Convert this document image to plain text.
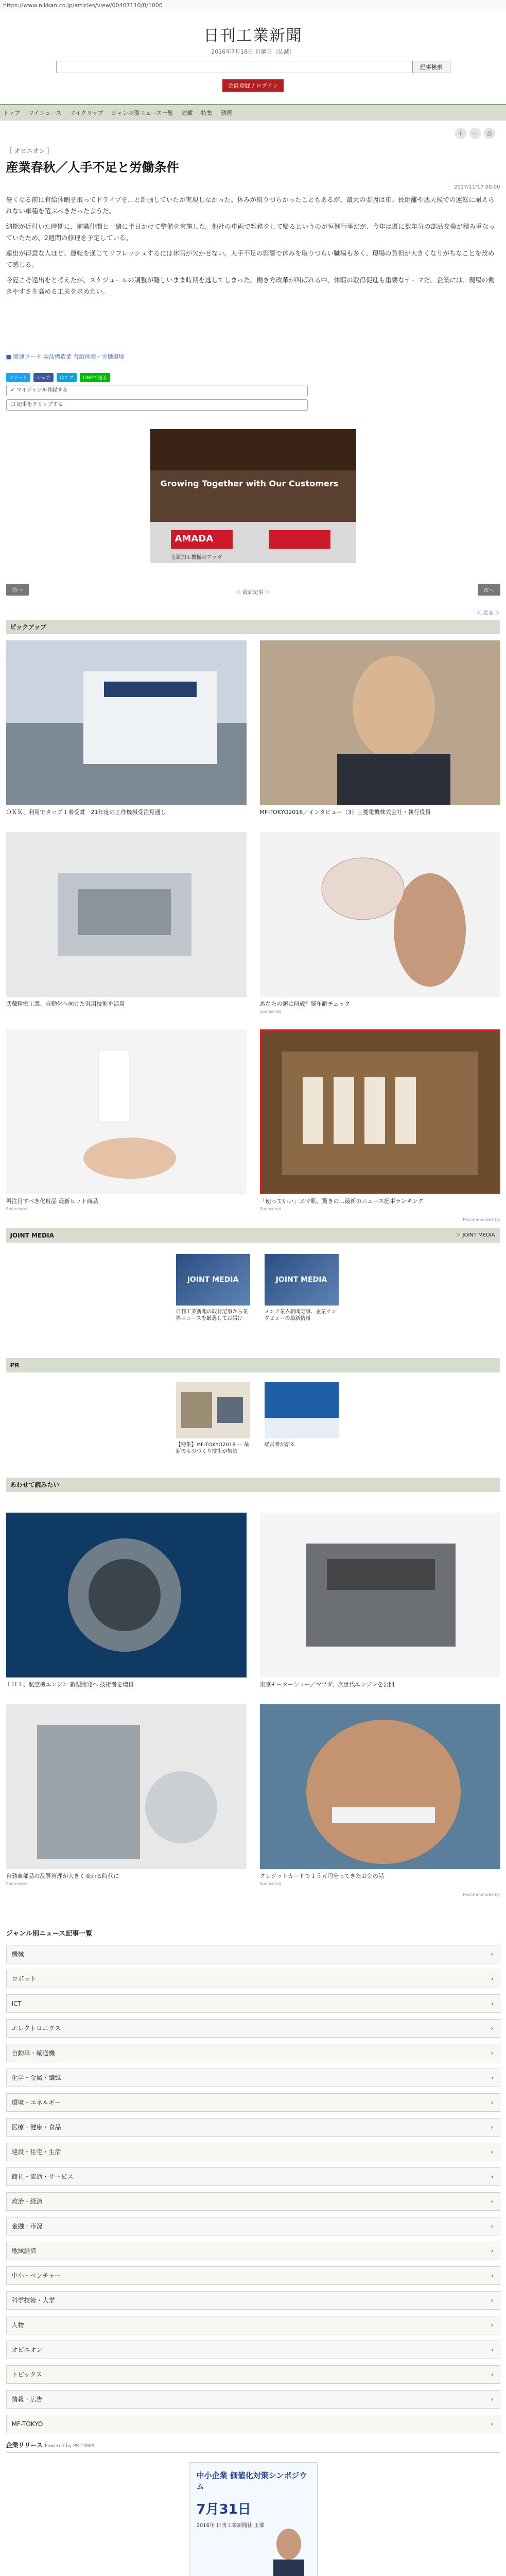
https://www.nikkan.co.jp/articles/view/00407110/0/1000
日刊工業新聞
2016年7月18日 月曜日（仏滅）
記事検索
会員登録 / ログイン
トップ マイニュース マイクリップ ジャンル別ニュース一覧 連載 特集 動画
＋	－	⎙
［ オピニオン ］
産業春秋／人手不足と労働条件
2017/11/17 00:00

暑くなる前に有給休暇を取ってドライブを…と計画していたが実現しなかった。休みが取りづらかったこともあるが、最大の要因は車。長距離や悪天候での運転に耐えられない車種を選ぶべきだったようだ。

納期が近付いた時期に、前職仲間と一緒に半日かけて整備を実施した。他社の車両で雑務をして帰るというのが恒例行事だが、今年は既に数年分の部品交換が積み重なっていたため、2週間の修理を予定している。

遠出が得意な人ほど、運転を通じてリフレッシュするには休暇が欠かせない。人手不足の影響で休みを取りづらい職場も多く、現場の負担が大きくなりがちなことを改めて感じる。

今夏こそ遠出をと考えたが、スケジュールの調整が難しいまま時期を逃してしまった。働き方改革が叫ばれる中、休暇の取得促進も重要なテーマだ。企業には、現場の働きやすさを高める工夫を求めたい。

■ 関連ワード 製品構造業 有給休暇・労働環境
ツイート	シェア	はてブ	LINEで送る
✓ マイジャンル登録する
☐ 記事をクリップする
Growing Together with Our Customers
AMADA
金属加工機械のアマダ
前へ	＜ 最新記事 ＞	次へ
＜ 戻る ＞
ピックアップ
ＯＫＫ、利用でタップ１着受賞　21年度の工作機械受注見通し	MF-TOKYO2016／インタビュー（3）三菱電機株式会社・執行役員
武蔵精密工業、自動化へ向けた汎用技術を活用	あなたの頭は何歳？脳年齢チェック
Sponsored
再注目すべき化粧品 最新ヒット商品
Sponsored
「使っていい」エマ肌、驚きの…最新のニュース記事ランキング
Sponsored
Recommended by
JOINT MEDIA	＞ JOINT MEDIA
JOINT MEDIA
日刊工業新聞の取材記事から業界ニュースを厳選してお届け
JOINT MEDIA
メンテ業界新聞記事、企業インタビューの最新情報
PR
【特集】MF-TOKYO2018 ― 最新のものづくり技術が集結
経営者が語る
あわせて読みたい
ＩＨＩ、航空機エンジン 新型開発へ 技術者を増員	東京モーターショー／マツダ、次世代エンジンを公開
自動車部品の品質管理が大きく変わる時代に
Sponsored
クレジットカードで１５万円分ってきたお金の話
Sponsored
Recommended by
ジャンル別ニュース記事一覧
機械	›
ロボット	›
ICT	›
エレクトロニクス	›
自動車・輸送機	›
化学・金属・繊維	›
環境・エネルギー	›
医療・健康・食品	›
建設・住宅・生活	›
商社・流通・サービス	›
政治・経済	›
金融・市況	›
地域経済	›
中小・ベンチャー	›
科学技術・大学	›
人物	›
オピニオン	›
トピックス	›
情報・広告	›
MF-TOKYO	›
企業リリース Powered by PR TIMES
中小企業 価値化対策シンポジウム
7月31日
2016年 日刊工業新聞社 主催
